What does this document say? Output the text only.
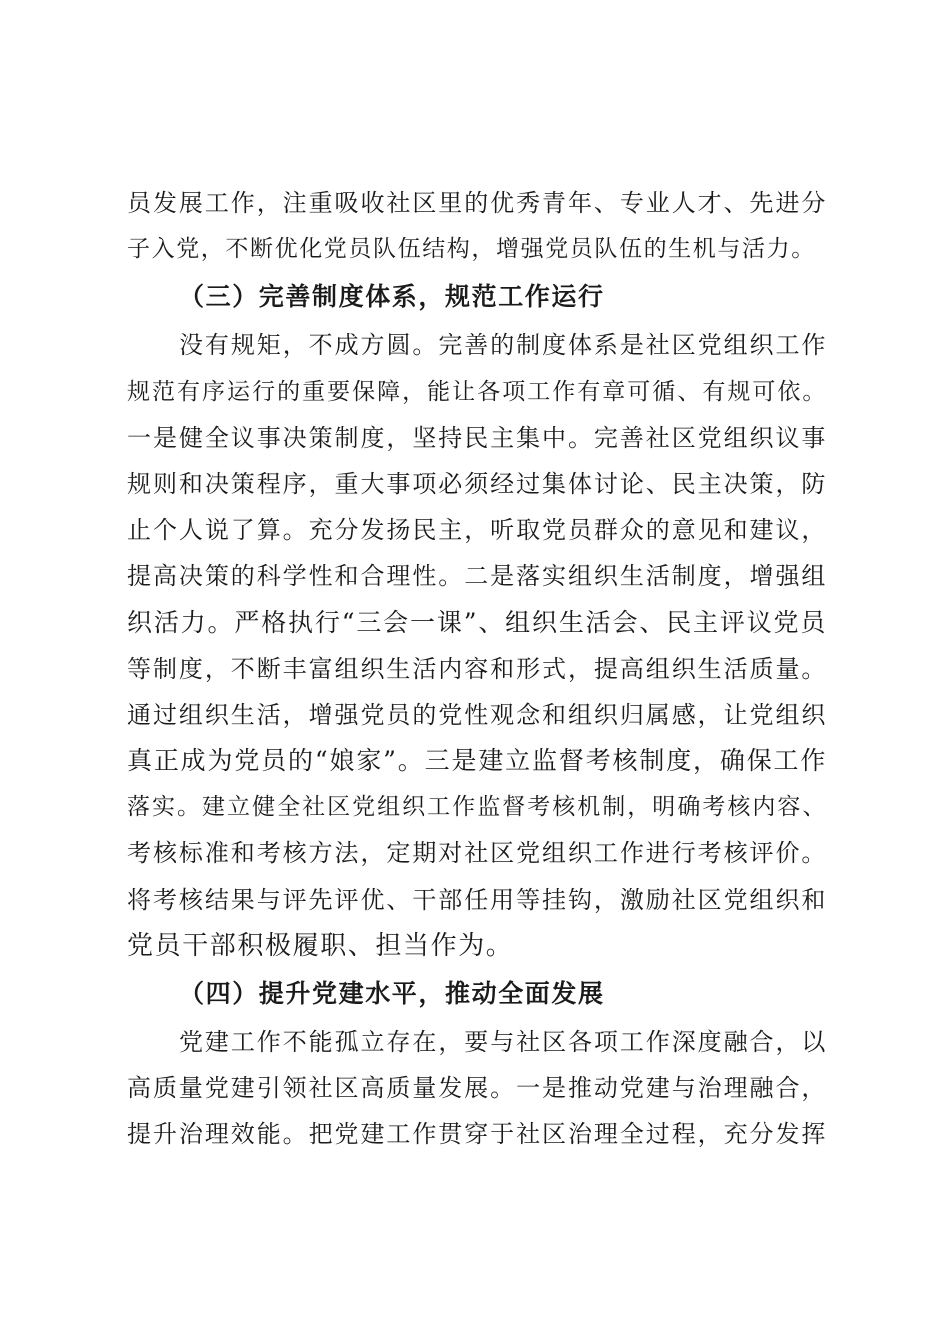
员发展工作，注重吸收社区里的优秀青年、专业人才、先进分
子入党，不断优化党员队伍结构，增强党员队伍的生机与活力。
（三）完善制度体系，规范工作运行
没有规矩，不成方圆。完善的制度体系是社区党组织工作
规范有序运行的重要保障，能让各项工作有章可循、有规可依。
一是健全议事决策制度，坚持民主集中。完善社区党组织议事
规则和决策程序，重大事项必须经过集体讨论、民主决策，防
止个人说了算。充分发扬民主，听取党员群众的意见和建议，
提高决策的科学性和合理性。二是落实组织生活制度，增强组
织活力。严格执行“三会一课”、组织生活会、民主评议党员
等制度，不断丰富组织生活内容和形式，提高组织生活质量。
通过组织生活，增强党员的党性观念和组织归属感，让党组织
真正成为党员的“娘家”。三是建立监督考核制度，确保工作
落实。建立健全社区党组织工作监督考核机制，明确考核内容、
考核标准和考核方法，定期对社区党组织工作进行考核评价。
将考核结果与评先评优、干部任用等挂钩，激励社区党组织和
党员干部积极履职、担当作为。
（四）提升党建水平，推动全面发展
党建工作不能孤立存在，要与社区各项工作深度融合，以
高质量党建引领社区高质量发展。一是推动党建与治理融合，
提升治理效能。把党建工作贯穿于社区治理全过程，充分发挥
